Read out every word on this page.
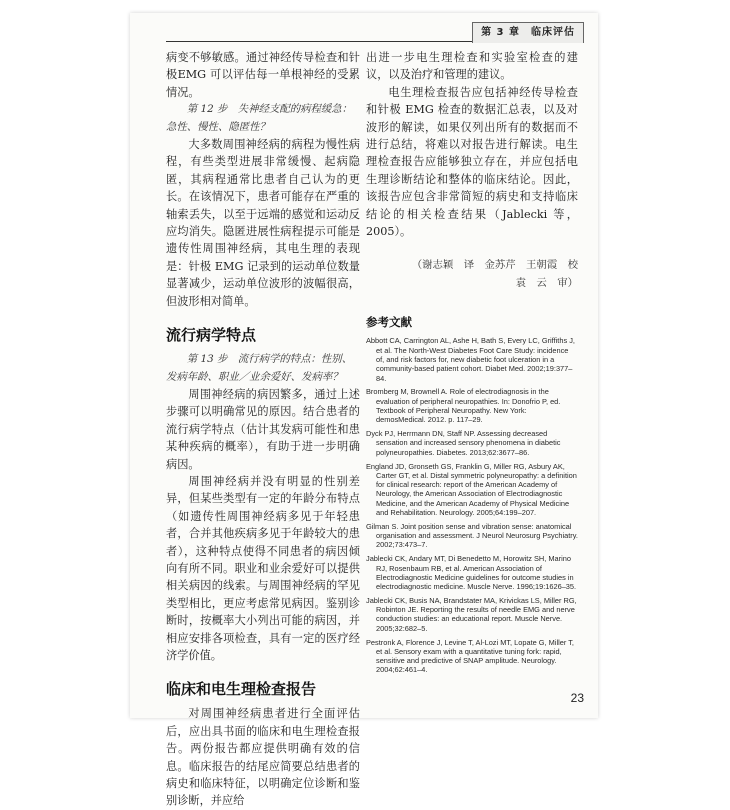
第 3 章　临床评估

病变不够敏感。通过神经传导检查和针极EMG 可以评估每一单根神经的受累情况。

第 12 步　失神经支配的病程缓急：急性、慢性、隐匿性？

大多数周围神经病的病程为慢性病程，有些类型进展非常缓慢、起病隐匿，其病程通常比患者自己认为的更长。在该情况下，患者可能存在严重的轴索丢失，以至于远端的感觉和运动反应均消失。隐匿进展性病程提示可能是遗传性周围神经病，其电生理的表现是：针极 EMG 记录到的运动单位数量显著减少，运动单位波形的波幅很高，但波形相对简单。

流行病学特点

第 13 步　流行病学的特点：性别、发病年龄、职业／业余爱好、发病率？

周围神经病的病因繁多，通过上述步骤可以明确常见的原因。结合患者的流行病学特点（估计其发病可能性和患某种疾病的概率），有助于进一步明确病因。

周围神经病并没有明显的性别差异，但某些类型有一定的年龄分布特点（如遗传性周围神经病多见于年轻患者，合并其他疾病多见于年龄较大的患者），这种特点使得不同患者的病因倾向有所不同。职业和业余爱好可以提供相关病因的线索。与周围神经病的罕见类型相比，更应考虑常见病因。鉴别诊断时，按概率大小列出可能的病因，并相应安排各项检查，具有一定的医疗经济学价值。

临床和电生理检查报告

对周围神经病患者进行全面评估后，应出具书面的临床和电生理检查报告。两份报告都应提供明确有效的信息。临床报告的结尾应简要总结患者的病史和临床特征，以明确定位诊断和鉴别诊断，并应给

出进一步电生理检查和实验室检查的建议，以及治疗和管理的建议。

电生理检查报告应包括神经传导检查和针极 EMG 检查的数据汇总表，以及对波形的解读，如果仅列出所有的数据而不进行总结，将难以对报告进行解读。电生理检查报告应能够独立存在，并应包括电生理诊断结论和整体的临床结论。因此，该报告应包含非常简短的病史和支持临床结论的相关检查结果（Jablecki 等，2005）。

（谢志颖　译　金苏芹　王朝霞　校
袁　云　审）

参考文献

Abbott CA, Carrington AL, Ashe H, Bath S, Every LC, Griffiths J, et al. The North-West Diabetes Foot Care Study: incidence of, and risk factors for, new diabetic foot ulceration in a community-based patient cohort. Diabet Med. 2002;19:377–84.

Bromberg M, Brownell A. Role of electrodiagnosis in the evaluation of peripheral neuropathies. In: Donofrio P, ed. Textbook of Peripheral Neuropathy. New York: demosMedical. 2012. p. 117–29.

Dyck PJ, Herrmann DN, Staff NP. Assessing decreased sensation and increased sensory phenomena in diabetic polyneuropathies. Diabetes. 2013;62:3677–86.

England JD, Gronseth GS, Franklin G, Miller RG, Asbury AK, Carter GT, et al. Distal symmetric polyneuropathy: a definition for clinical research: report of the American Academy of Neurology, the American Association of Electrodiagnostic Medicine, and the American Academy of Physical Medicine and Rehabilitation. Neurology. 2005;64:199–207.

Gilman S. Joint position sense and vibration sense: anatomical organisation and assessment. J Neurol Neurosurg Psychiatry. 2002;73:473–7.

Jablecki CK, Andary MT, Di Benedetto M, Horowitz SH, Marino RJ, Rosenbaum RB, et al. American Association of Electrodiagnostic Medicine guidelines for outcome studies in electrodiagnostic medicine. Muscle Nerve. 1996;19:1626–35.

Jablecki CK, Busis NA, Brandstater MA, Krivickas LS, Miller RG, Robinton JE. Reporting the results of needle EMG and nerve conduction studies: an educational report. Muscle Nerve. 2005;32:682–5.

Pestronk A, Florence J, Levine T, Al-Lozi MT, Lopate G, Miller T, et al. Sensory exam with a quantitative tuning fork: rapid, sensitive and predictive of SNAP amplitude. Neurology. 2004;62:461–4.

23
